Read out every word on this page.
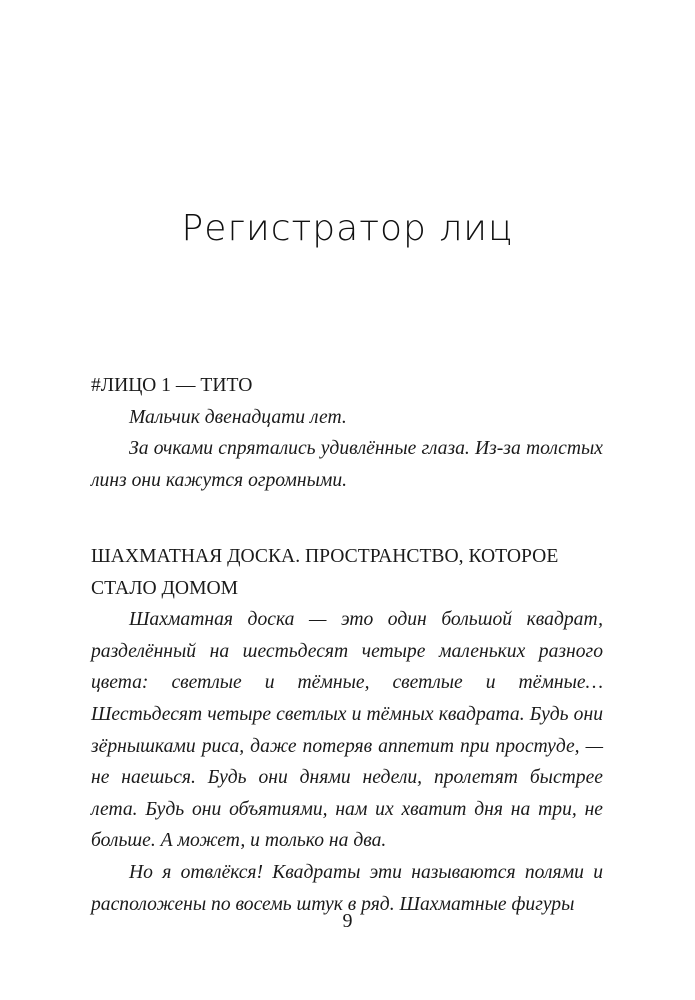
Регистратор лиц

#ЛИЦО 1 — ТИТО

Мальчик двенадцати лет.

За очками спрятались удивлённые глаза. Из-за толстых линз они кажутся огромными.

ШАХМАТНАЯ ДОСКА. ПРОСТРАНСТВО, КОТОРОЕ СТАЛО ДОМОМ

Шахматная доска — это один большой квадрат, разделённый на шестьдесят четыре маленьких разного цвета: светлые и тёмные, светлые и тёмные… Шестьдесят четыре светлых и тёмных квадрата. Будь они зёрнышками риса, даже потеряв аппетит при простуде, — не наешься. Будь они днями недели, пролетят быстрее лета. Будь они объятиями, нам их хватит дня на три, не больше. А может, и только на два.

Но я отвлёкся! Квадраты эти называются полями и расположены по восемь штук в ряд. Шахматные фигуры

9
